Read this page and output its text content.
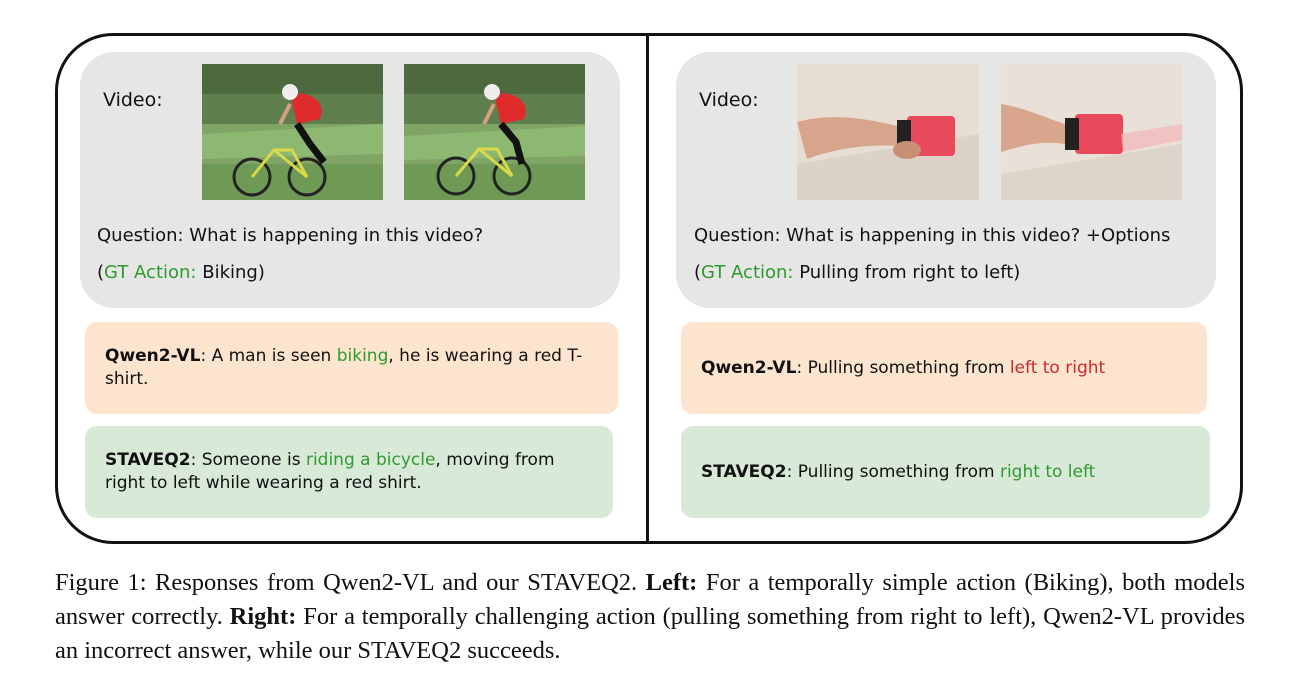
Video:
Question: What is happening in this video?
(GT Action: Biking)
Qwen2-VL: A man is seen biking, he is wearing a red T-shirt.
STAVEQ2: Someone is riding a bicycle, moving from right to left while wearing a red shirt.
Video:
Question: What is happening in this video? +Options
(GT Action: Pulling from right to left)
Qwen2-VL: Pulling something from left to right
STAVEQ2: Pulling something from right to left
Figure 1: Responses from Qwen2-VL and our STAVEQ2. Left: For a temporally simple action (Biking), both models answer correctly. Right: For a temporally challenging action (pulling something from right to left), Qwen2-VL provides an incorrect answer, while our STAVEQ2 succeeds.
